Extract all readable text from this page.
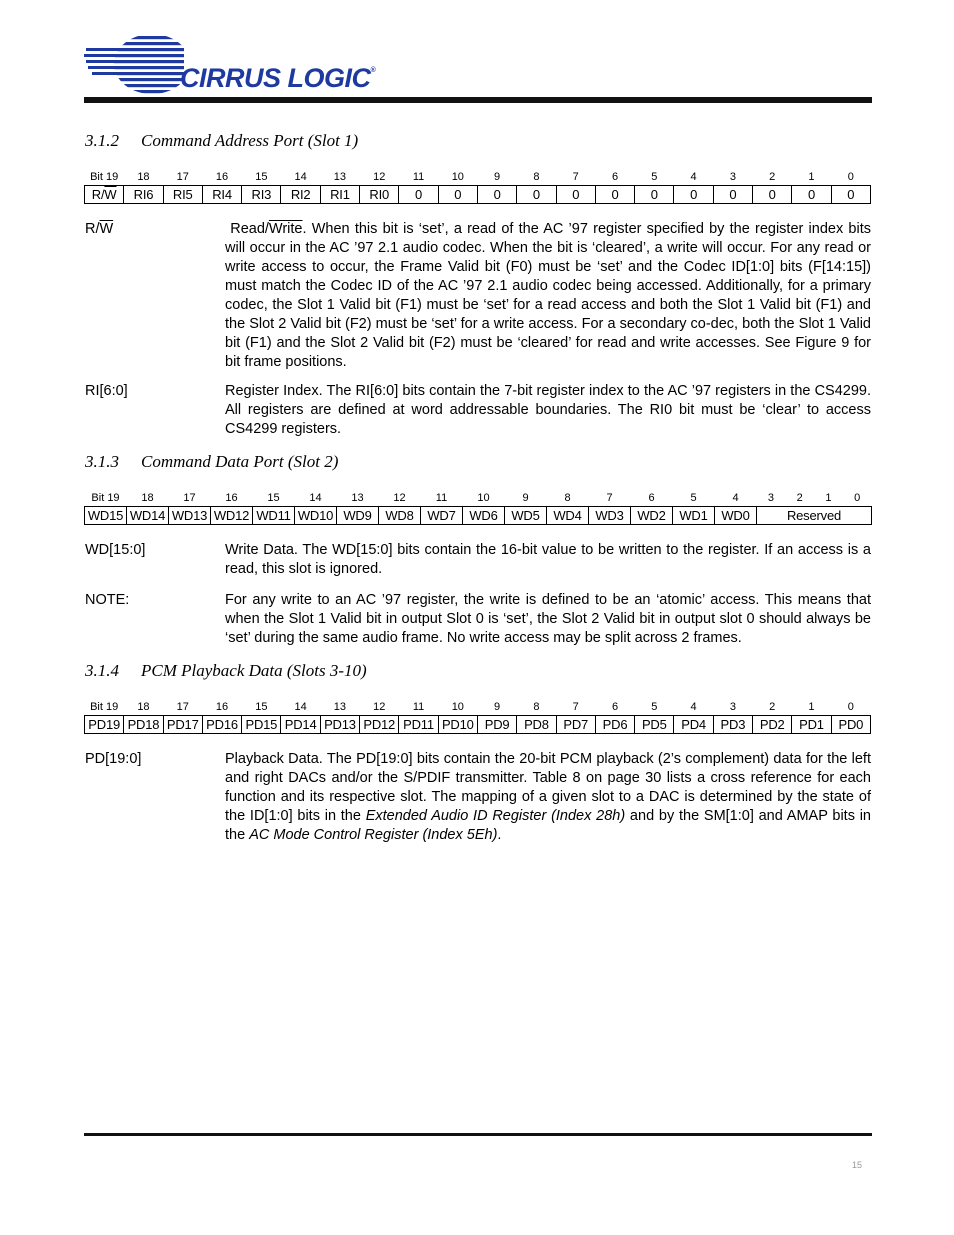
CIRRUS LOGIC®
3.1.2 Command Address Port (Slot 1)
Bit 19	18	17	16	15	14	13	12	11	10	9	8	7	6	5	4	3	2	1	0
$R/\overline{W}$	RI6	RI5	RI4	RI3	RI2	RI1	RI0	0	0	0	0	0	0	0	0	0	0	0	0
$R/\overline{W}$	Read/Write. When this bit is ‘set’, a read of the AC ’97 register specified by the register index bits will occur in the AC ’97 2.1 audio codec. When the bit is ‘cleared’, a write will occur. For any read or write access to occur, the Frame Valid bit (F0) must be ‘set’ and the Codec ID[1:0] bits (F[14:15]) must match the Codec ID of the AC ’97 2.1 audio codec being accessed. Additionally, for a primary codec, the Slot 1 Valid bit (F1) must be ‘set’ for a read access and both the Slot 1 Valid bit (F1) and the Slot 2 Valid bit (F2) must be ‘set’ for a write access. For a secondary co-dec, both the Slot 1 Valid bit (F1) and the Slot 2 Valid bit (F2) must be ‘cleared’ for read and write accesses. See Figure 9 for bit frame positions.
RI[6:0]	Register Index. The RI[6:0] bits contain the 7-bit register index to the AC ’97 registers in the CS4299. All registers are defined at word addressable boundaries. The RI0 bit must be ‘clear’ to access CS4299 registers.
3.1.3 Command Data Port (Slot 2)
Bit 19	18	17	16	15	14	13	12	11	10	9	8	7	6	5	4	3	2	1	0
WD15	WD14	WD13	WD12	WD11	WD10	WD9	WD8	WD7	WD6	WD5	WD4	WD3	WD2	WD1	WD0	Reserved			
WD[15:0]	Write Data. The WD[15:0] bits contain the 16-bit value to be written to the register. If an access is a read, this slot is ignored.
NOTE:	For any write to an AC ’97 register, the write is defined to be an ‘atomic’ access. This means that when the Slot 1 Valid bit in output Slot 0 is ‘set’, the Slot 2 Valid bit in output slot 0 should always be ‘set’ during the same audio frame. No write access may be split across 2 frames.
3.1.4 PCM Playback Data (Slots 3-10)
Bit 19	18	17	16	15	14	13	12	11	10	9	8	7	6	5	4	3	2	1	0
PD19	PD18	PD17	PD16	PD15	PD14	PD13	PD12	PD11	PD10	PD9	PD8	PD7	PD6	PD5	PD4	PD3	PD2	PD1	PD0
PD[19:0]	Playback Data. The PD[19:0] bits contain the 20-bit PCM playback (2’s complement) data for the left and right DACs and/or the S/PDIF transmitter. Table 8 on page 30 lists a cross reference for each function and its respective slot. The mapping of a given slot to a DAC is determined by the state of the ID[1:0] bits in the Extended Audio ID Register (Index 28h) and by the SM[1:0] and AMAP bits in the AC Mode Control Register (Index 5Eh).
15
